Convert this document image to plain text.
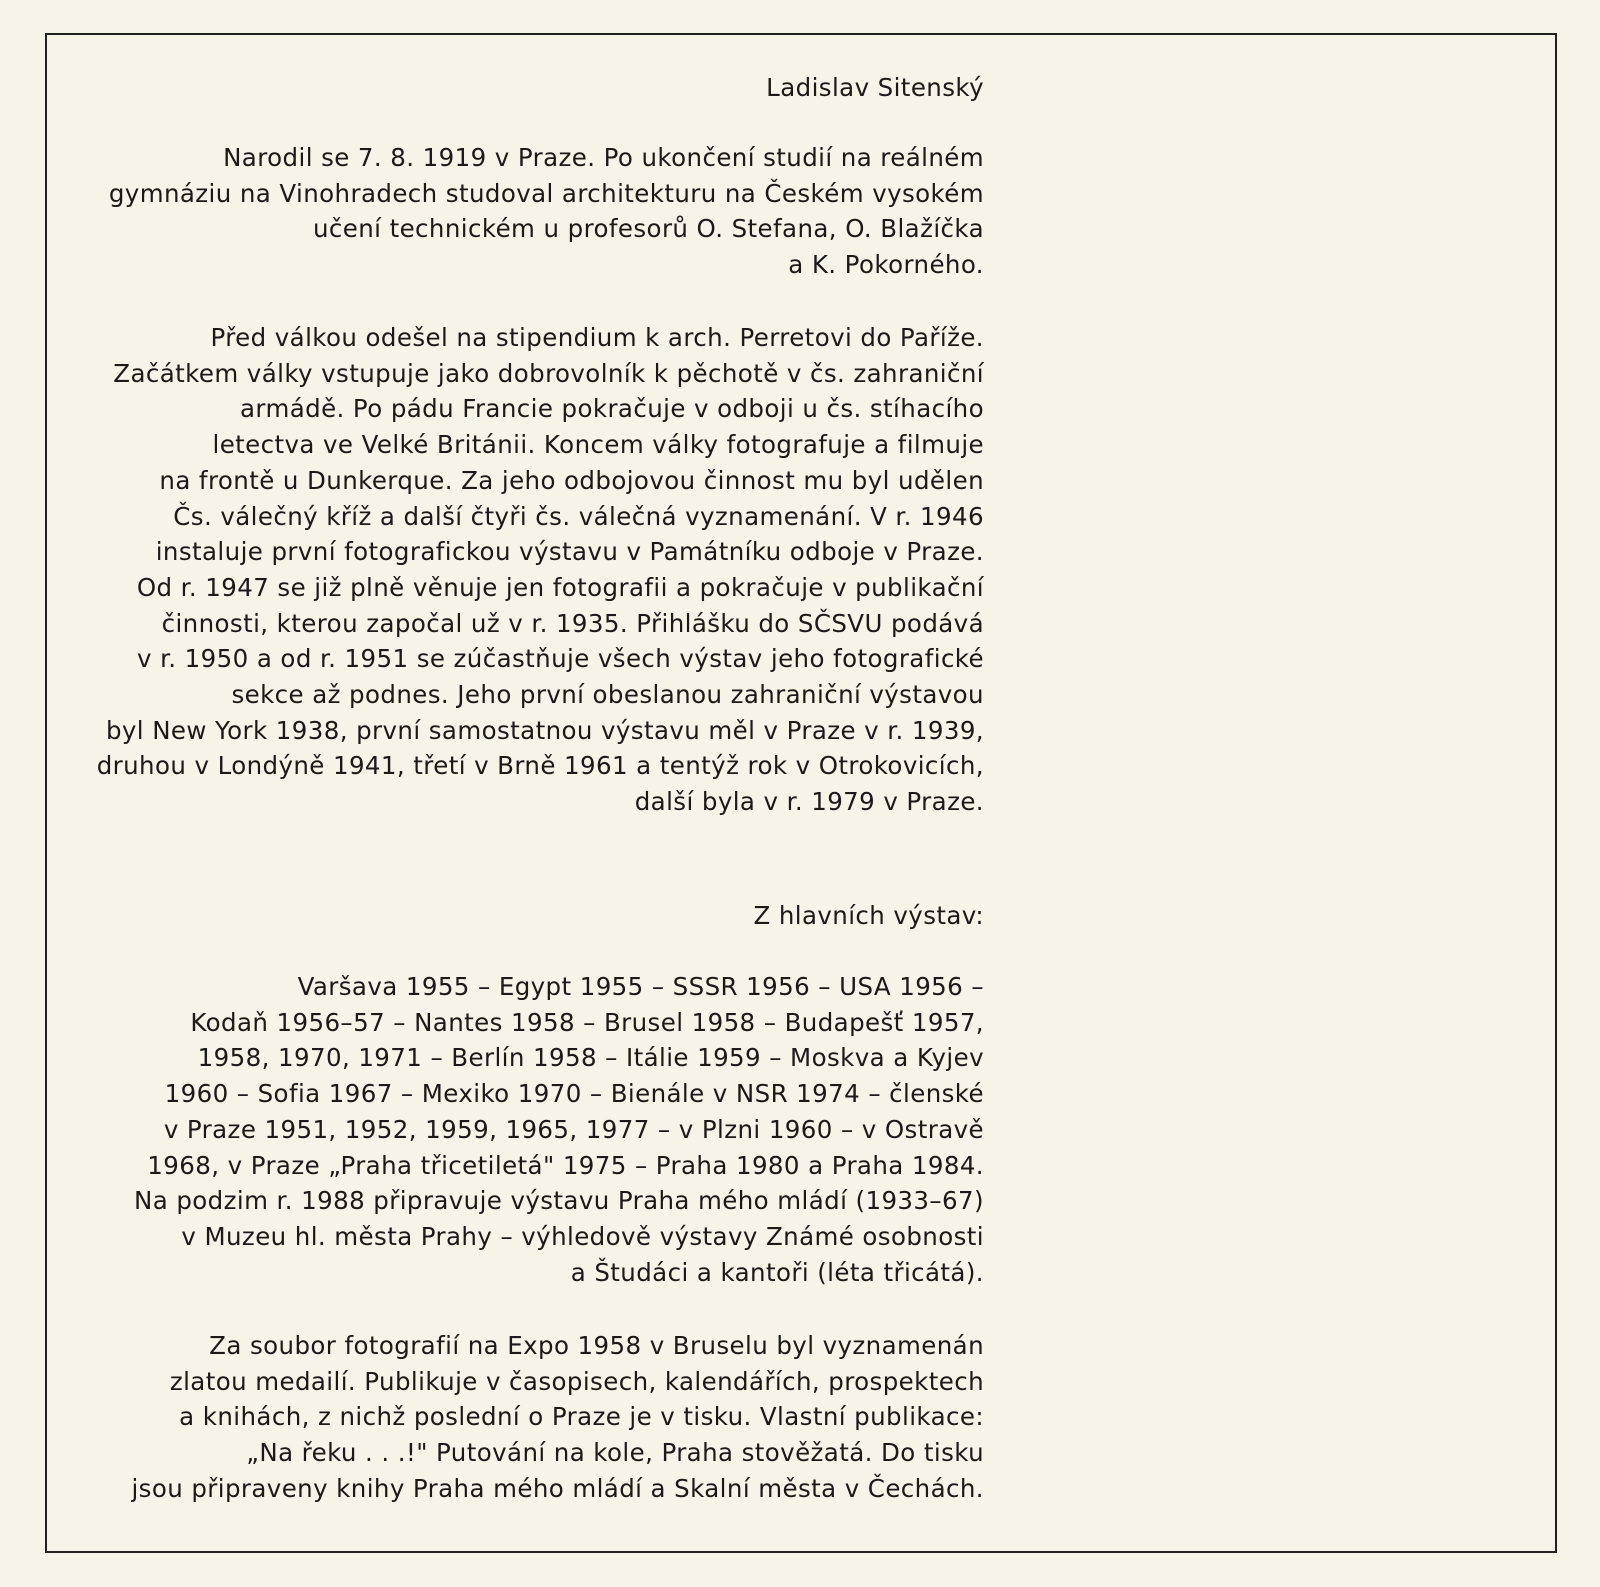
Ladislav Sitenský
Narodil se 7. 8. 1919 v Praze. Po ukončení studií na reálném
gymnáziu na Vinohradech studoval architekturu na Českém vysokém
učení technickém u profesorů O. Stefana, O. Blažíčka
a K. Pokorného.
Před válkou odešel na stipendium k arch. Perretovi do Paříže.
Začátkem války vstupuje jako dobrovolník k pěchotě v čs. zahraniční
armádě. Po pádu Francie pokračuje v odboji u čs. stíhacího
letectva ve Velké Británii. Koncem války fotografuje a filmuje
na frontě u Dunkerque. Za jeho odbojovou činnost mu byl udělen
Čs. válečný kříž a další čtyři čs. válečná vyznamenání. V r. 1946
instaluje první fotografickou výstavu v Památníku odboje v Praze.
Od r. 1947 se již plně věnuje jen fotografii a pokračuje v publikační
činnosti, kterou započal už v r. 1935. Přihlášku do SČSVU podává
v r. 1950 a od r. 1951 se zúčastňuje všech výstav jeho fotografické
sekce až podnes. Jeho první obeslanou zahraniční výstavou
byl New York 1938, první samostatnou výstavu měl v Praze v r. 1939,
druhou v Londýně 1941, třetí v Brně 1961 a tentýž rok v Otrokovicích,
další byla v r. 1979 v Praze.
Z hlavních výstav:
Varšava 1955 – Egypt 1955 – SSSR 1956 – USA 1956 –
Kodaň 1956–57 – Nantes 1958 – Brusel 1958 – Budapešť 1957,
1958, 1970, 1971 – Berlín 1958 – Itálie 1959 – Moskva a Kyjev
1960 – Sofia 1967 – Mexiko 1970 – Bienále v NSR 1974 – členské
v Praze 1951, 1952, 1959, 1965, 1977 – v Plzni 1960 – v Ostravě
1968, v Praze „Praha třicetiletá" 1975 – Praha 1980 a Praha 1984.
Na podzim r. 1988 připravuje výstavu Praha mého mládí (1933–67)
v Muzeu hl. města Prahy – výhledově výstavy Známé osobnosti
a Študáci a kantoři (léta třicátá).
Za soubor fotografií na Expo 1958 v Bruselu byl vyznamenán
zlatou medailí. Publikuje v časopisech, kalendářích, prospektech
a knihách, z nichž poslední o Praze je v tisku. Vlastní publikace:
„Na řeku . . .!" Putování na kole, Praha stověžatá. Do tisku
jsou připraveny knihy Praha mého mládí a Skalní města v Čechách.
